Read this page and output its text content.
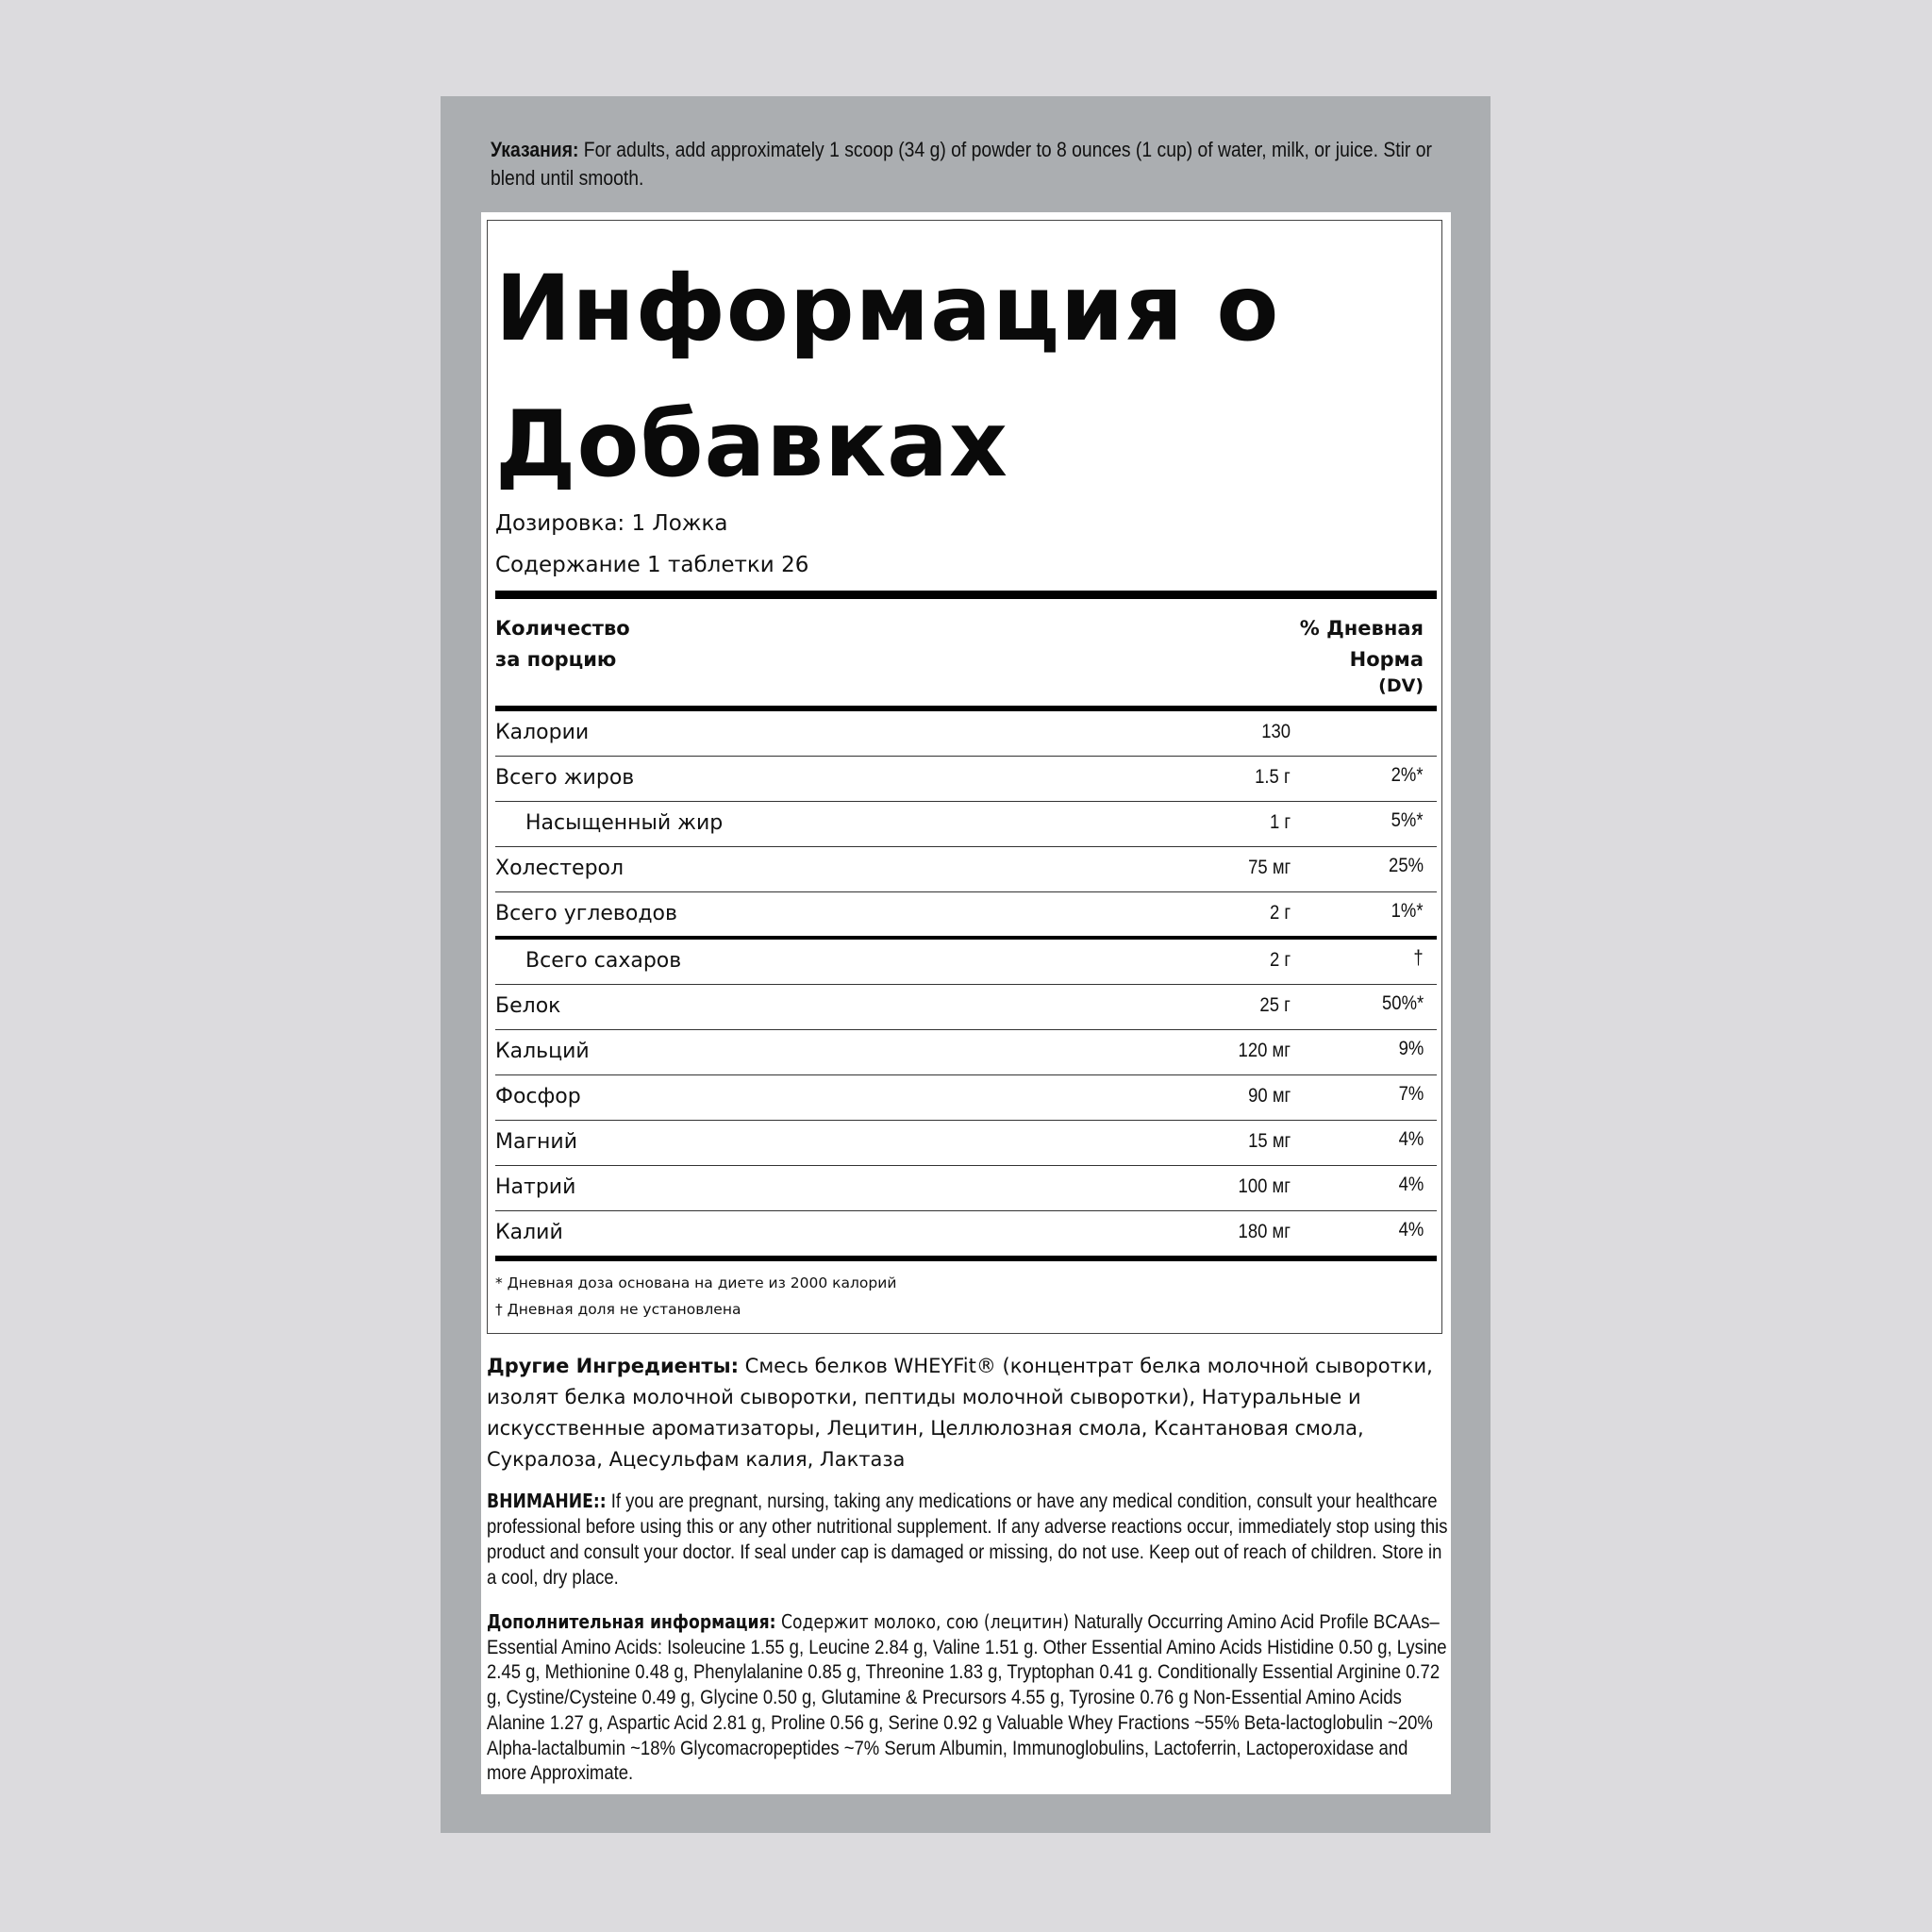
Указания: For adults, add approximately 1 scoop (34 g) of powder to 8 ounces (1 cup) of water, milk, or juice. Stir or blend until smooth.
Информация о
Добавках
Дозировка: 1 Ложка
Содержание 1 таблетки 26
Количество
за порцию
% Дневная
Норма
(DV)
Калории	130
Всего жиров	1.5 г	2%*
Насыщенный жир	1 г	5%*
Холестерол	75 мг	25%
Всего углеводов	2 г	1%*
Всего сахаров	2 г	†
Белок	25 г	50%*
Кальций	120 мг	9%
Фосфор	90 мг	7%
Магний	15 мг	4%
Натрий	100 мг	4%
Калий	180 мг	4%
* Дневная доза основана на диете из 2000 калорий
† Дневная доля не установлена
Другие Ингредиенты: Смесь белков WHEYFit® (концентрат белка молочной сыворотки, изолят белка молочной сыворотки, пептиды молочной сыворотки), Натуральные и искусственные ароматизаторы, Лецитин, Целлюлозная смола, Ксантановая смола, Сукралоза, Ацесульфам калия, Лактаза
ВНИМАНИЕ:: If you are pregnant, nursing, taking any medications or have any medical condition, consult your healthcare professional before using this or any other nutritional supplement. If any adverse reactions occur, immediately stop using this product and consult your doctor. If seal under cap is damaged or missing, do not use. Keep out of reach of children. Store in a cool, dry place.
Дополнительная информация: Содержит молоко, сою (лецитин) Naturally Occurring Amino Acid Profile BCAAs–Essential Amino Acids: Isoleucine 1.55 g, Leucine 2.84 g, Valine 1.51 g. Other Essential Amino Acids Histidine 0.50 g, Lysine 2.45 g, Methionine 0.48 g, Phenylalanine 0.85 g, Threonine 1.83 g, Tryptophan 0.41 g. Conditionally Essential Arginine 0.72 g, Cystine/Cysteine 0.49 g, Glycine 0.50 g, Glutamine & Precursors 4.55 g, Tyrosine 0.76 g Non-Essential Amino Acids Alanine 1.27 g, Aspartic Acid 2.81 g, Proline 0.56 g, Serine 0.92 g Valuable Whey Fractions ~55% Beta-lactoglobulin ~20% Alpha-lactalbumin ~18% Glycomacropeptides ~7% Serum Albumin, Immunoglobulins, Lactoferrin, Lactoperoxidase and more Approximate.
